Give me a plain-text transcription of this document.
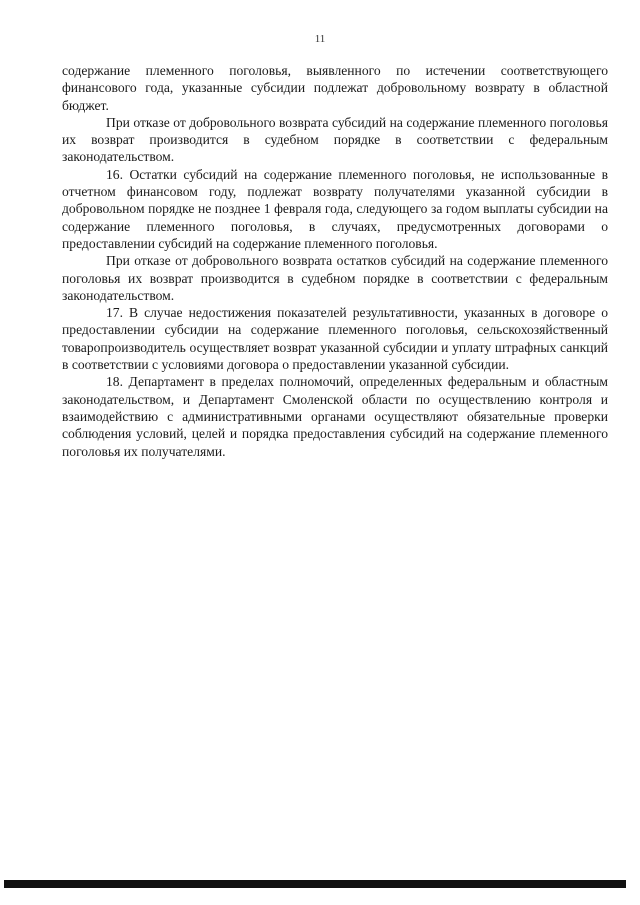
11

содержание племенного поголовья, выявленного по истечении соответствующего финансового года, указанные субсидии подлежат добровольному возврату в областной бюджет.

При отказе от добровольного возврата субсидий на содержание племенного поголовья их возврат производится в судебном порядке в соответствии с федеральным законодательством.

16. Остатки субсидий на содержание племенного поголовья, не использованные в отчетном финансовом году, подлежат возврату получателями указанной субсидии в добровольном порядке не позднее 1 февраля года, следующего за годом выплаты субсидии на содержание племенного поголовья, в случаях, предусмотренных договорами о предоставлении субсидий на содержание племенного поголовья.

При отказе от добровольного возврата остатков субсидий на содержание племенного поголовья их возврат производится в судебном порядке в соответствии с федеральным законодательством.

17. В случае недостижения показателей результативности, указанных в договоре о предоставлении субсидии на содержание племенного поголовья, сельскохозяйственный товаропроизводитель осуществляет возврат указанной субсидии и уплату штрафных санкций в соответствии с условиями договора о предоставлении указанной субсидии.

18. Департамент в пределах полномочий, определенных федеральным и областным законодательством, и Департамент Смоленской области по осуществлению контроля и взаимодействию с административными органами осуществляют обязательные проверки соблюдения условий, целей и порядка предоставления субсидий на содержание племенного поголовья их получателями.
